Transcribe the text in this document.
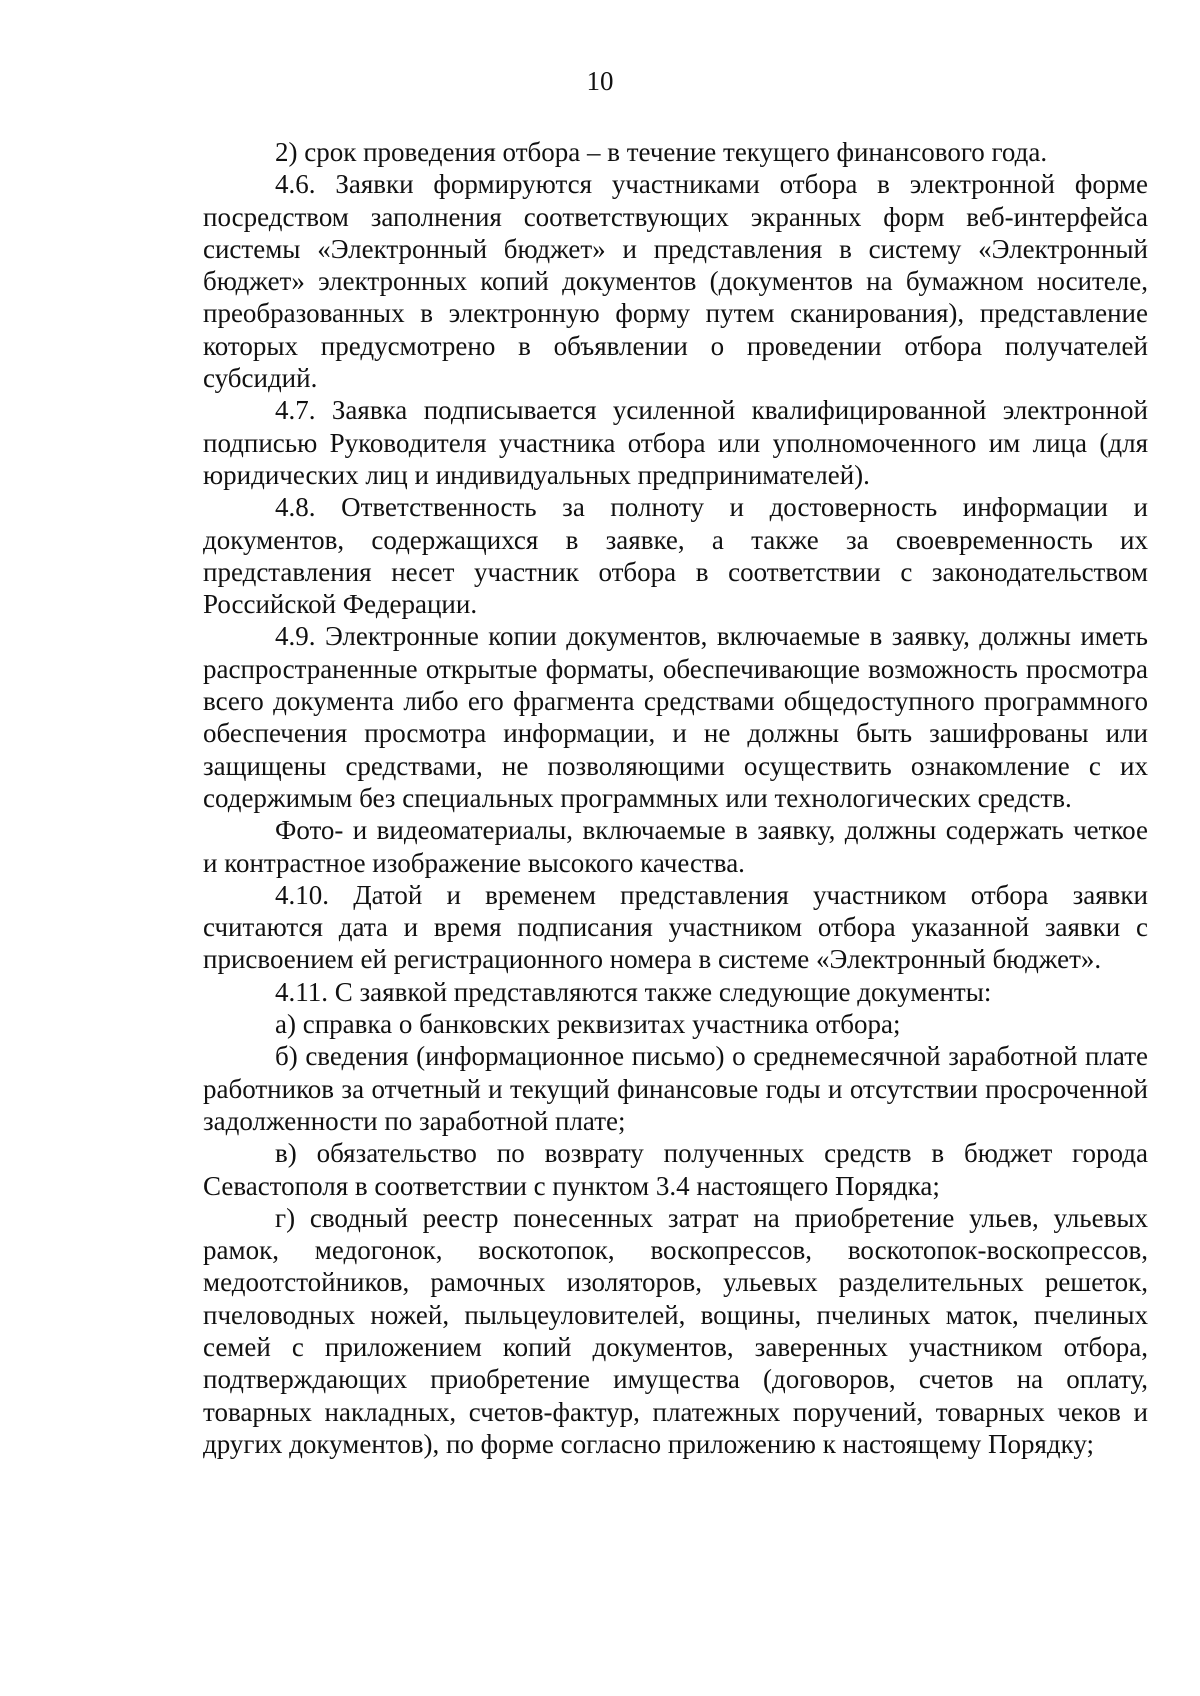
10

2) срок проведения отбора – в течение текущего финансового года.

4.6. Заявки формируются участниками отбора в электронной форме посредством заполнения соответствующих экранных форм веб-интерфейса системы «Электронный бюджет» и представления в систему «Электронный бюджет» электронных копий документов (документов на бумажном носителе, преобразованных в электронную форму путем сканирования), представление которых предусмотрено в объявлении о проведении отбора получателей субсидий.

4.7. Заявка подписывается усиленной квалифицированной электронной подписью Руководителя участника отбора или уполномоченного им лица (для юридических лиц и индивидуальных предпринимателей).

4.8. Ответственность за полноту и достоверность информации и документов, содержащихся в заявке, а также за своевременность их представления несет участник отбора в соответствии с законодательством Российской Федерации.

4.9. Электронные копии документов, включаемые в заявку, должны иметь распространенные открытые форматы, обеспечивающие возможность просмотра всего документа либо его фрагмента средствами общедоступного программного обеспечения просмотра информации, и не должны быть зашифрованы или защищены средствами, не позволяющими осуществить ознакомление с их содержимым без специальных программных или технологических средств.

Фото- и видеоматериалы, включаемые в заявку, должны содержать четкое и контрастное изображение высокого качества.

4.10. Датой и временем представления участником отбора заявки считаются дата и время подписания участником отбора указанной заявки с присвоением ей регистрационного номера в системе «Электронный бюджет».

4.11. С заявкой представляются также следующие документы:

а) справка о банковских реквизитах участника отбора;

б) сведения (информационное письмо) о среднемесячной заработной плате работников за отчетный и текущий финансовые годы и отсутствии просроченной задолженности по заработной плате;

в) обязательство по возврату полученных средств в бюджет города Севастополя в соответствии с пунктом 3.4 настоящего Порядка;

г) сводный реестр понесенных затрат на приобретение ульев, ульевых рамок, медогонок, воскотопок, воскопрессов, воскотопок-воскопрессов, медоотстойников, рамочных изоляторов, ульевых разделительных решеток, пчеловодных ножей, пыльцеуловителей, вощины, пчелиных маток, пчелиных семей с приложением копий документов, заверенных участником отбора, подтверждающих приобретение имущества (договоров, счетов на оплату, товарных накладных, счетов-фактур, платежных поручений, товарных чеков и других документов), по форме согласно приложению к настоящему Порядку;
